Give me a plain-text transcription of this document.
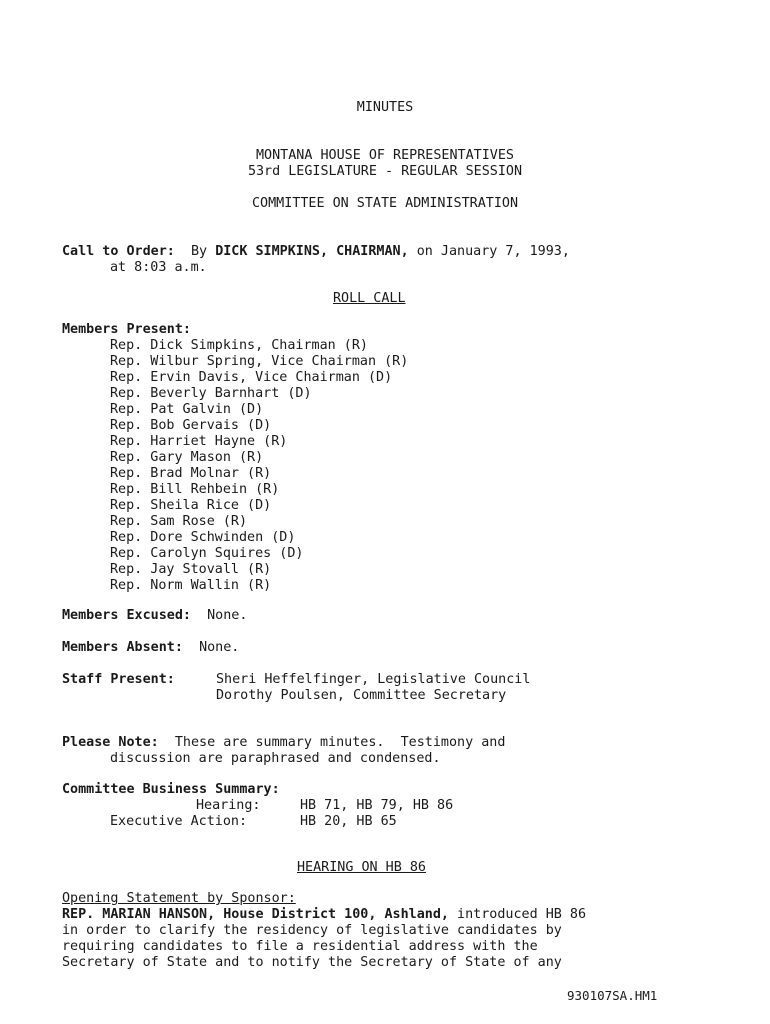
MINUTES
MONTANA HOUSE OF REPRESENTATIVES
53rd LEGISLATURE - REGULAR SESSION
COMMITTEE ON STATE ADMINISTRATION
Call to Order: By DICK SIMPKINS, CHAIRMAN, on January 7, 1993,
at 8:03 a.m.
ROLL CALL
Members Present:
Rep. Dick Simpkins, Chairman (R)
Rep. Wilbur Spring, Vice Chairman (R)
Rep. Ervin Davis, Vice Chairman (D)
Rep. Beverly Barnhart (D)
Rep. Pat Galvin (D)
Rep. Bob Gervais (D)
Rep. Harriet Hayne (R)
Rep. Gary Mason (R)
Rep. Brad Molnar (R)
Rep. Bill Rehbein (R)
Rep. Sheila Rice (D)
Rep. Sam Rose (R)
Rep. Dore Schwinden (D)
Rep. Carolyn Squires (D)
Rep. Jay Stovall (R)
Rep. Norm Wallin (R)
Members Excused: None.
Members Absent: None.
Staff Present:	Sheri Heffelfinger, Legislative Council
Dorothy Poulsen, Committee Secretary
Please Note: These are summary minutes.  Testimony and
discussion are paraphrased and condensed.
Committee Business Summary:
Hearing:	HB 71, HB 79, HB 86
Executive Action:	HB 20, HB 65
HEARING ON HB 86
Opening Statement by Sponsor:
REP. MARIAN HANSON, House District 100, Ashland, introduced HB 86
in order to clarify the residency of legislative candidates by
requiring candidates to file a residential address with the
Secretary of State and to notify the Secretary of State of any
930107SA.HM1
